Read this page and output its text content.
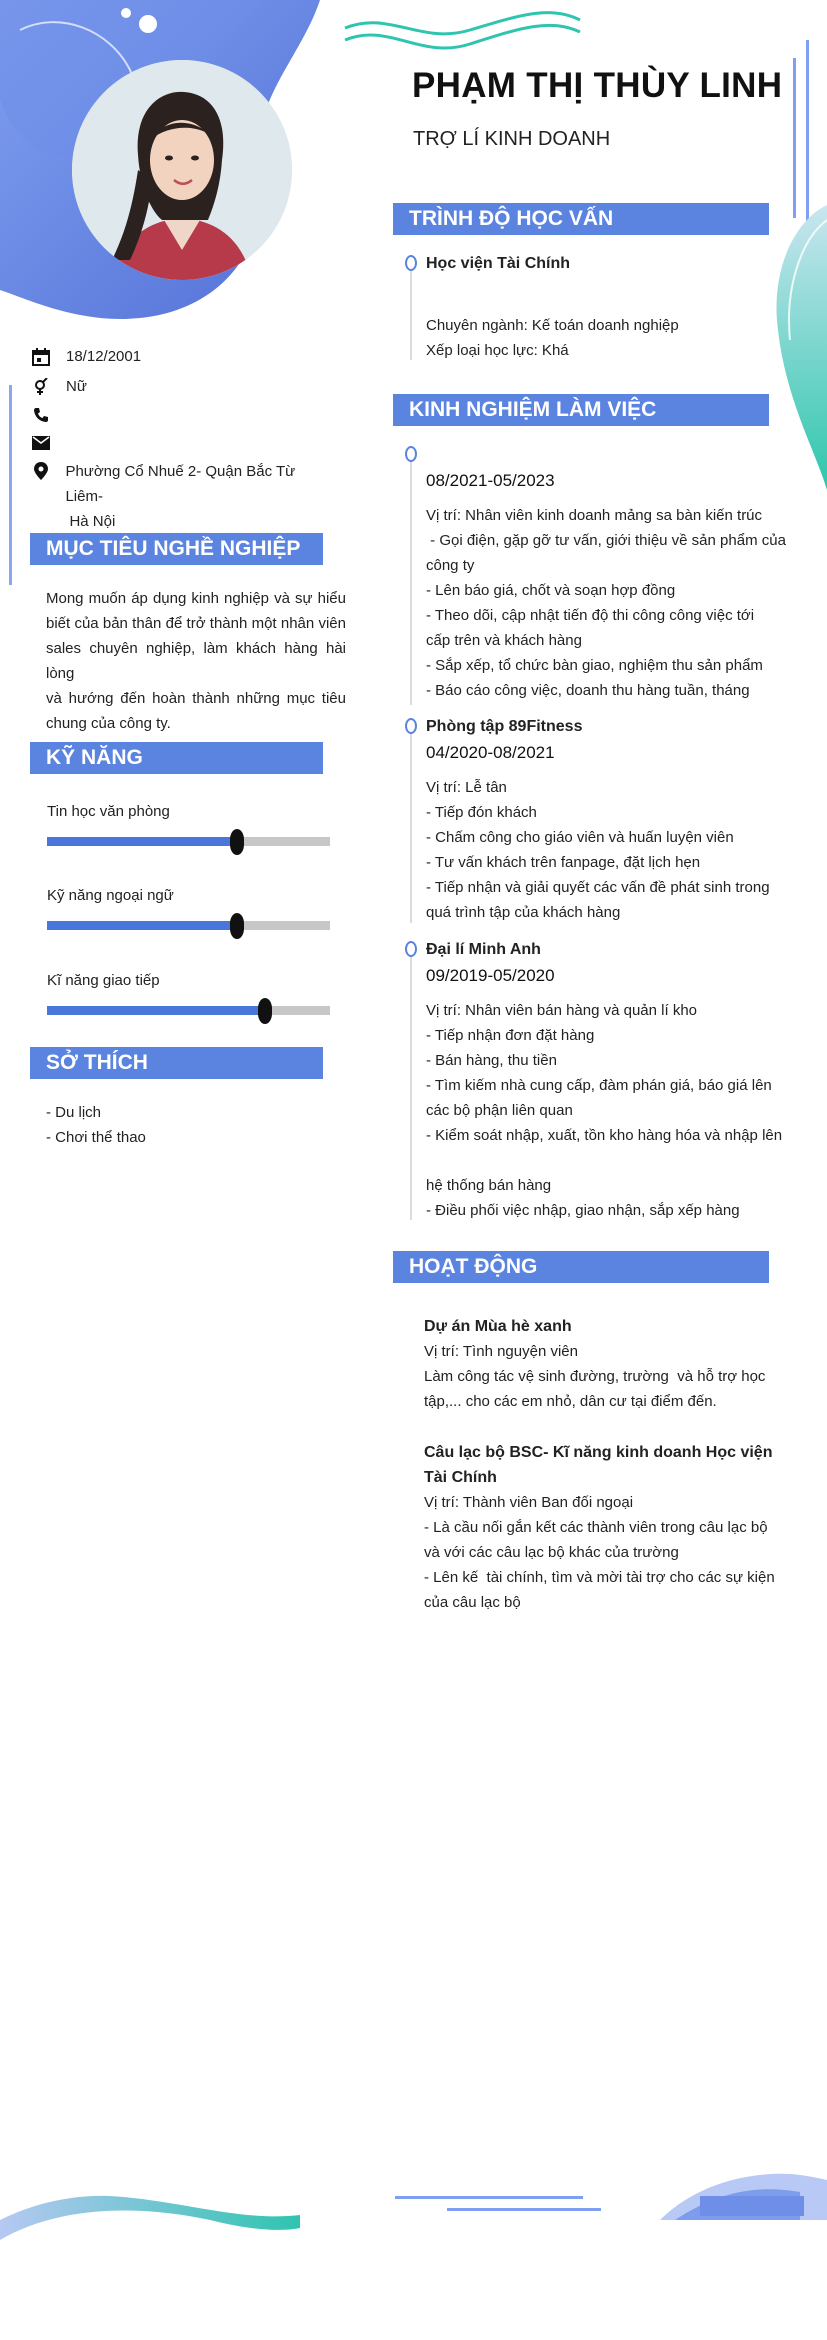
PHẠM THỊ THÙY LINH
TRỢ LÍ KINH DOANH
18/12/2001
Nữ
Phường Cổ Nhuế 2- Quận Bắc Từ Liêm-
Hà Nội
MỤC TIÊU NGHỀ NGHIỆP
Mong muốn áp dụng kinh nghiệp và sự hiểu
biết của bản thân để trở thành một nhân viên
sales chuyên nghiệp, làm khách hàng hài lòng
và hướng đến hoàn thành những mục tiêu
chung của công ty.
KỸ NĂNG
Tin học văn phòng
Kỹ năng ngoại ngữ
Kĩ năng giao tiếp
SỞ THÍCH
- Du lịch
- Chơi thể thao
TRÌNH ĐỘ HỌC VẤN
Học viện Tài Chính
Chuyên ngành: Kế toán doanh nghiệp
Xếp loại học lực: Khá
KINH NGHIỆM LÀM VIỆC
08/2021-05/2023
Vị trí: Nhân viên kinh doanh mảng sa bàn kiến trúc
- Gọi điện, gặp gỡ tư vấn, giới thiệu về sản phẩm của
công ty
- Lên báo giá, chốt và soạn hợp đồng
- Theo dõi, cập nhật tiến độ thi công công việc tới
cấp trên và khách hàng
- Sắp xếp, tổ chức bàn giao, nghiệm thu sản phẩm
- Báo cáo công việc, doanh thu hàng tuần, tháng
Phòng tập 89Fitness
04/2020-08/2021
Vị trí: Lễ tân
- Tiếp đón khách
- Chấm công cho giáo viên và huấn luyện viên
- Tư vấn khách trên fanpage, đặt lịch hẹn
- Tiếp nhận và giải quyết các vấn đề phát sinh trong
quá trình tập của khách hàng
Đại lí Minh Anh
09/2019-05/2020
Vị trí: Nhân viên bán hàng và quản lí kho
- Tiếp nhận đơn đặt hàng
- Bán hàng, thu tiền
- Tìm kiếm nhà cung cấp, đàm phán giá, báo giá lên
các bộ phận liên quan
- Kiểm soát nhập, xuất, tồn kho hàng hóa và nhập lên
hệ thống bán hàng
- Điều phối việc nhập, giao nhận, sắp xếp hàng
HOẠT ĐỘNG
Dự án Mùa hè xanh
Vị trí: Tình nguyện viên
Làm công tác vệ sinh đường, trường  và hỗ trợ học
tập,... cho các em nhỏ, dân cư tại điểm đến.
Câu lạc bộ BSC- Kĩ năng kinh doanh Học viện
Tài Chính
Vị trí: Thành viên Ban đối ngoại
- Là cầu nối gắn kết các thành viên trong câu lạc bộ
và với các câu lạc bộ khác của trường
- Lên kế  tài chính, tìm và mời tài trợ cho các sự kiện
của câu lạc bộ
